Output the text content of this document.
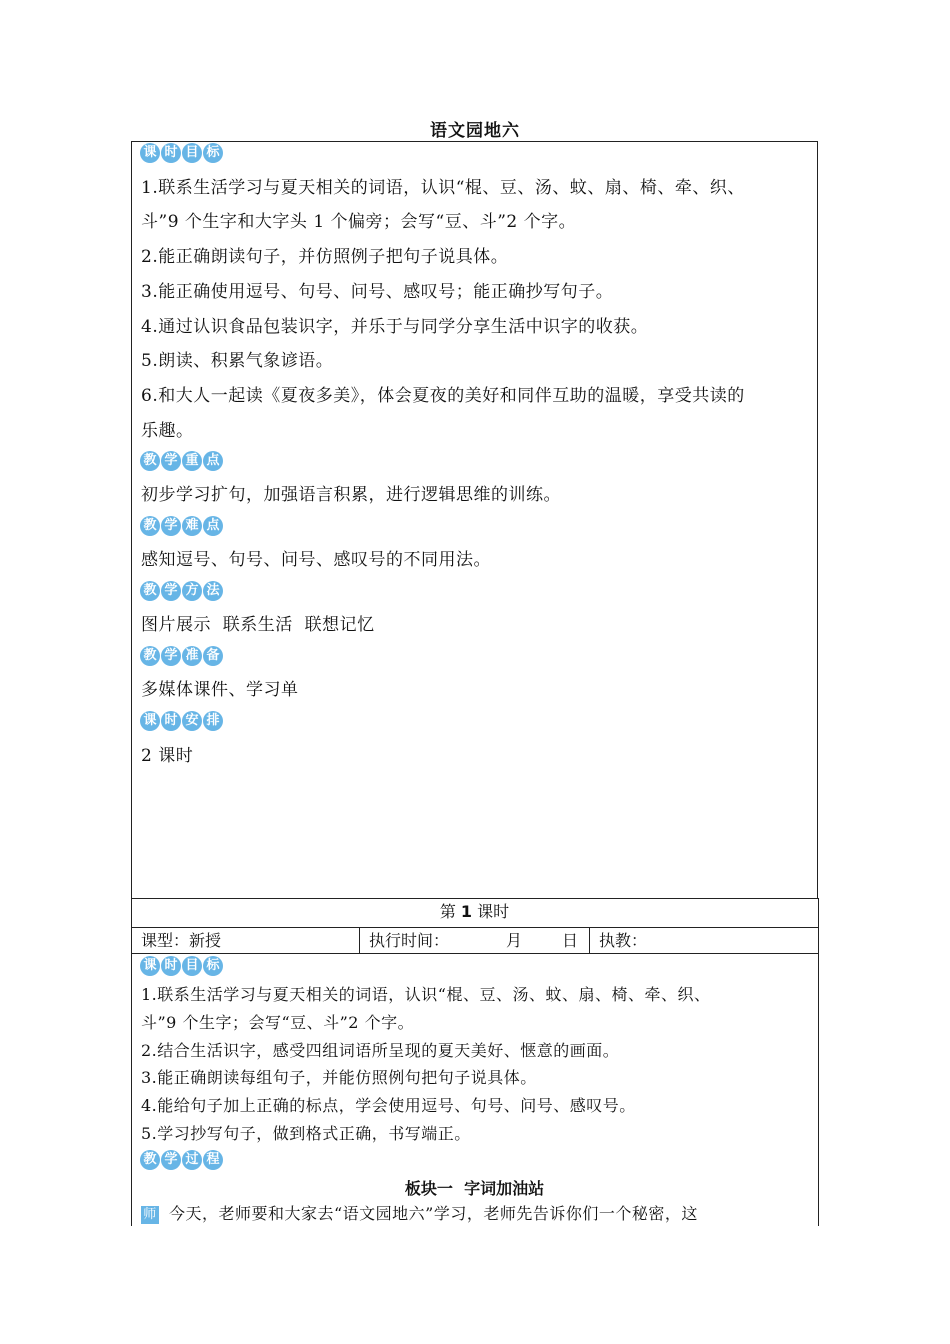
语文园地六
课 时 目 标
1.联系生活学习与夏天相关的词语，认识“棍、豆、汤、蚊、扇、椅、牵、织、
斗”9 个生字和大字头 1 个偏旁；会写“豆、斗”2 个字。
2.能正确朗读句子，并仿照例子把句子说具体。
3.能正确使用逗号、句号、问号、感叹号；能正确抄写句子。
4.通过认识食品包装识字，并乐于与同学分享生活中识字的收获。
5.朗读、积累气象谚语。
6.和大人一起读《夏夜多美》，体会夏夜的美好和同伴互助的温暖，享受共读的
乐趣。
教 学 重 点
初步学习扩句，加强语言积累，进行逻辑思维的训练。
教 学 难 点
感知逗号、句号、问号、感叹号的不同用法。
教 学 方 法
图片展示  联系生活  联想记忆
教 学 准 备
多媒体课件、学习单
课 时 安 排
2 课时
第 1 课时
课型：新授	执行时间：	月 日 执教：
课 时 目 标
1.联系生活学习与夏天相关的词语，认识“棍、豆、汤、蚊、扇、椅、牵、织、
斗”9 个生字；会写“豆、斗”2 个字。
2.结合生活识字，感受四组词语所呈现的夏天美好、惬意的画面。
3.能正确朗读每组句子，并能仿照例句把句子说具体。
4.能给句子加上正确的标点，学会使用逗号、句号、问号、感叹号。
5.学习抄写句子，做到格式正确，书写端正。
教 学 过 程
板块一  字词加油站
师 今天，老师要和大家去“语文园地六”学习，老师先告诉你们一个秘密，这
